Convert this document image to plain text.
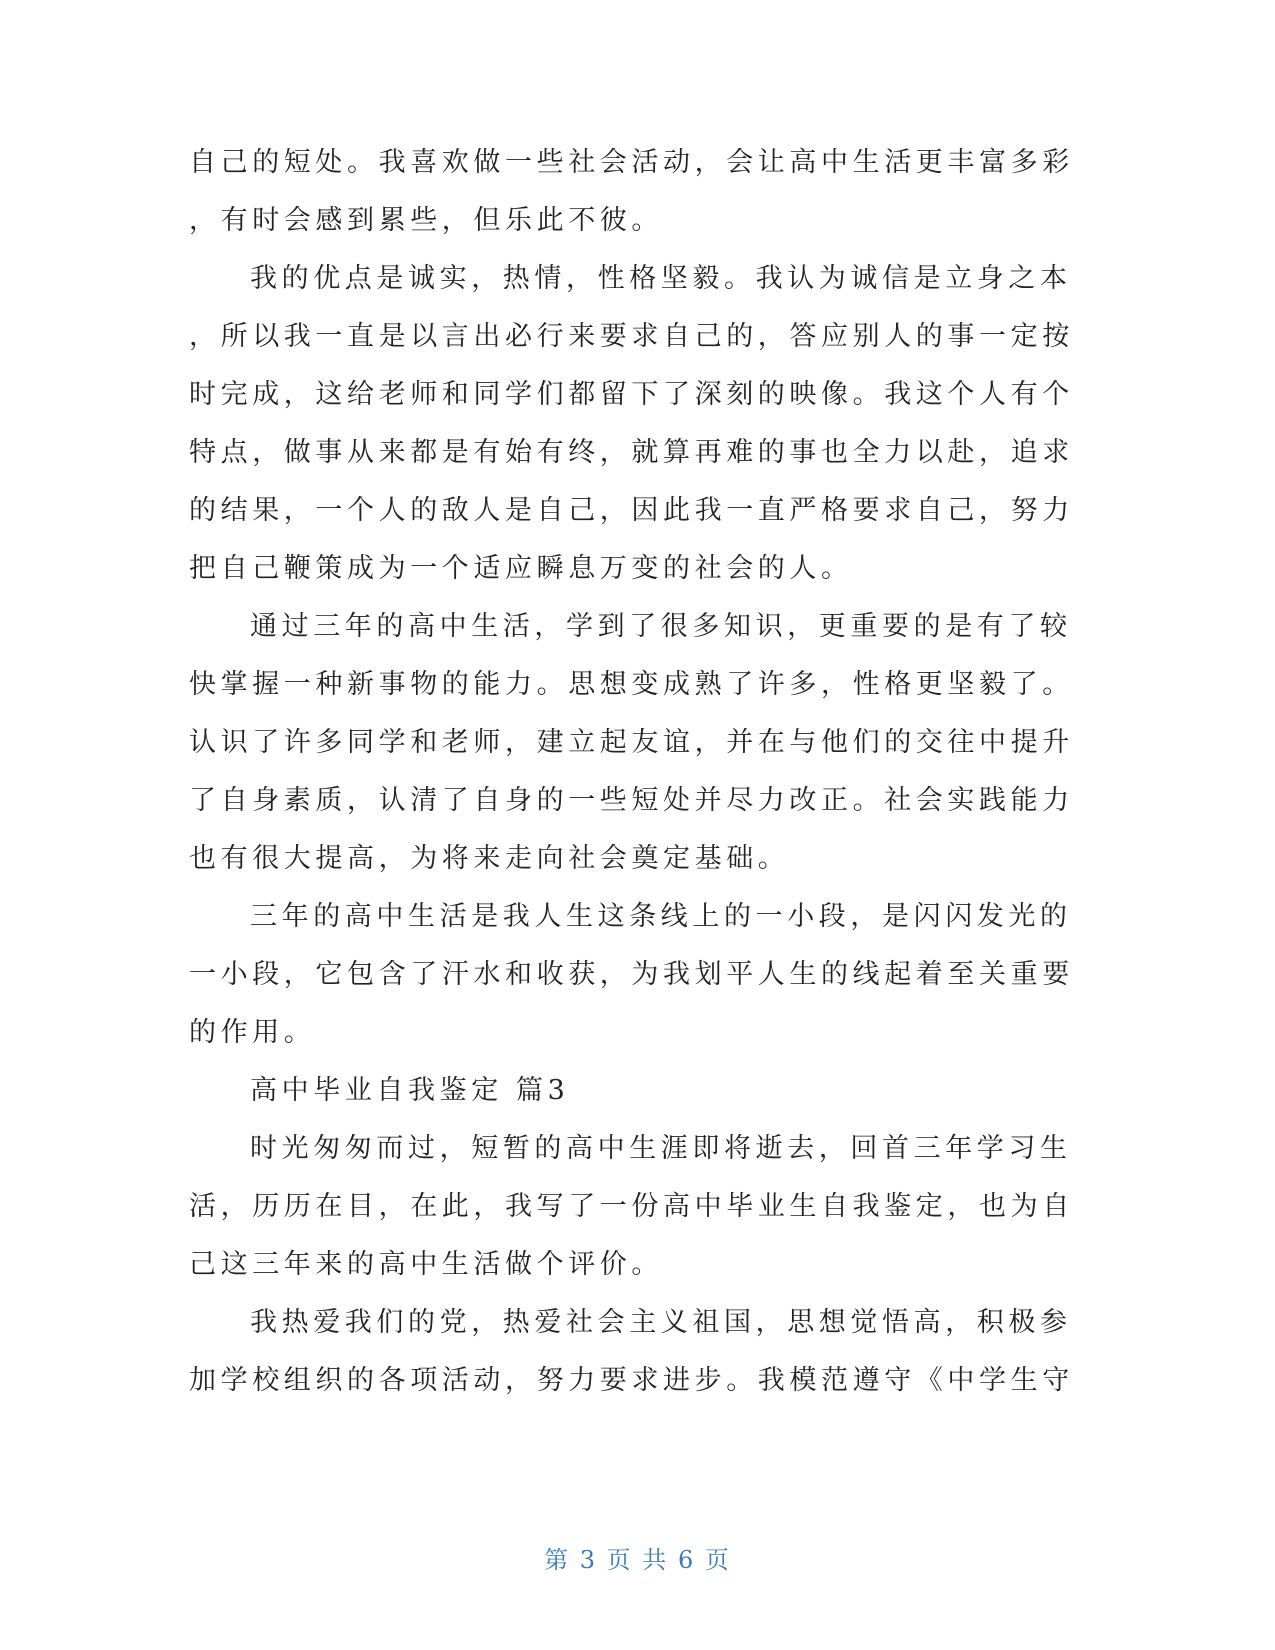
自己的短处。我喜欢做一些社会活动，会让高中生活更丰富多彩
，有时会感到累些，但乐此不彼。
我的优点是诚实，热情，性格坚毅。我认为诚信是立身之本
，所以我一直是以言出必行来要求自己的，答应别人的事一定按
时完成，这给老师和同学们都留下了深刻的映像。我这个人有个
特点，做事从来都是有始有终，就算再难的事也全力以赴，追求
的结果，一个人的敌人是自己，因此我一直严格要求自己，努力
把自己鞭策成为一个适应瞬息万变的社会的人。
通过三年的高中生活，学到了很多知识，更重要的是有了较
快掌握一种新事物的能力。思想变成熟了许多，性格更坚毅了。
认识了许多同学和老师，建立起友谊，并在与他们的交往中提升
了自身素质，认清了自身的一些短处并尽力改正。社会实践能力
也有很大提高，为将来走向社会奠定基础。
三年的高中生活是我人生这条线上的一小段，是闪闪发光的
一小段，它包含了汗水和收获，为我划平人生的线起着至关重要
的作用。
高中毕业自我鉴定 篇3
时光匆匆而过，短暂的高中生涯即将逝去，回首三年学习生
活，历历在目，在此，我写了一份高中毕业生自我鉴定，也为自
己这三年来的高中生活做个评价。
我热爱我们的党，热爱社会主义祖国，思想觉悟高，积极参
加学校组织的各项活动，努力要求进步。我模范遵守《中学生守
第 3 页 共 6 页
